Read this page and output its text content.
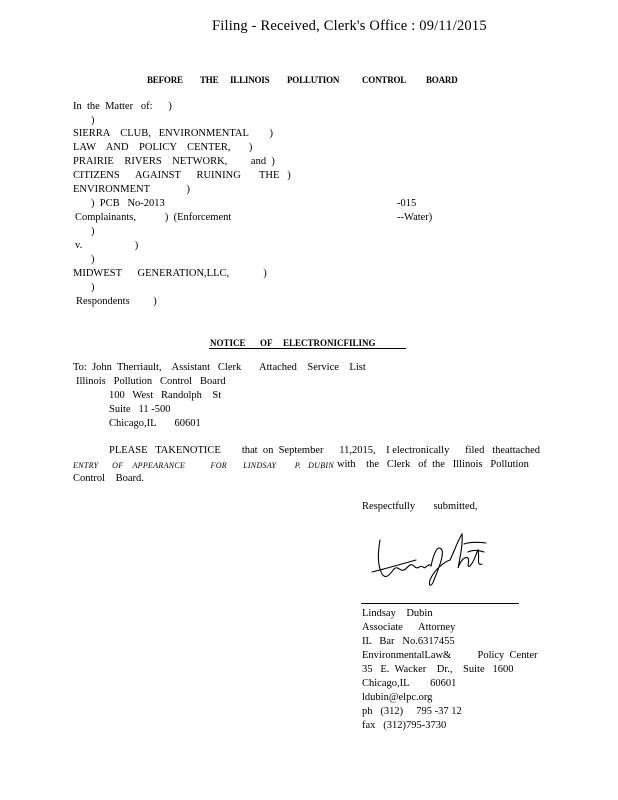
Filing - Received, Clerk's Office : 09/11/2015
BEFORE THE ILLINOIS POLLUTION	CONTROL BOARD
In  the  Matter   of:      )
)
SIERRA    CLUB,   ENVIRONMENTAL        )
LAW    AND    POLICY    CENTER,       )
PRAIRIE    RIVERS    NETWORK,         and  )
CITIZENS      AGAINST      RUINING       THE   )
ENVIRONMENT              )
)  PCB   No-2013	-015
Complainants,           )  (Enforcement	--Water)
)
v.                    )
)
MIDWEST      GENERATION,LLC,             )
)
Respondents         )
NOTICE OF ELECTRONICFILING
To:  John  Therriault,    Assistant   Clerk       Attached    Service    List
Illinois   Pollution   Control   Board
100   West   Randolph    St
Suite   11 -500
Chicago,IL       60601
PLEASE   TAKENOTICE        that  on  September      11,2015,    I electronically      filed   theattached
ENTRY      OF    APPEARANCE           FOR       LINDSAY        P.   DUBIN with    the   Clerk   of  the   Illinois   Pollution
Control    Board.
Respectfully       submitted,
Lindsay    Dubin
Associate      Attorney
IL   Bar   No.6317455
EnvironmentalLaw&          Policy  Center
35   E.  Wacker    Dr.,    Suite   1600
Chicago,IL        60601
ldubin@elpc.org
ph   (312)     795 -37 12
fax   (312)795-3730
